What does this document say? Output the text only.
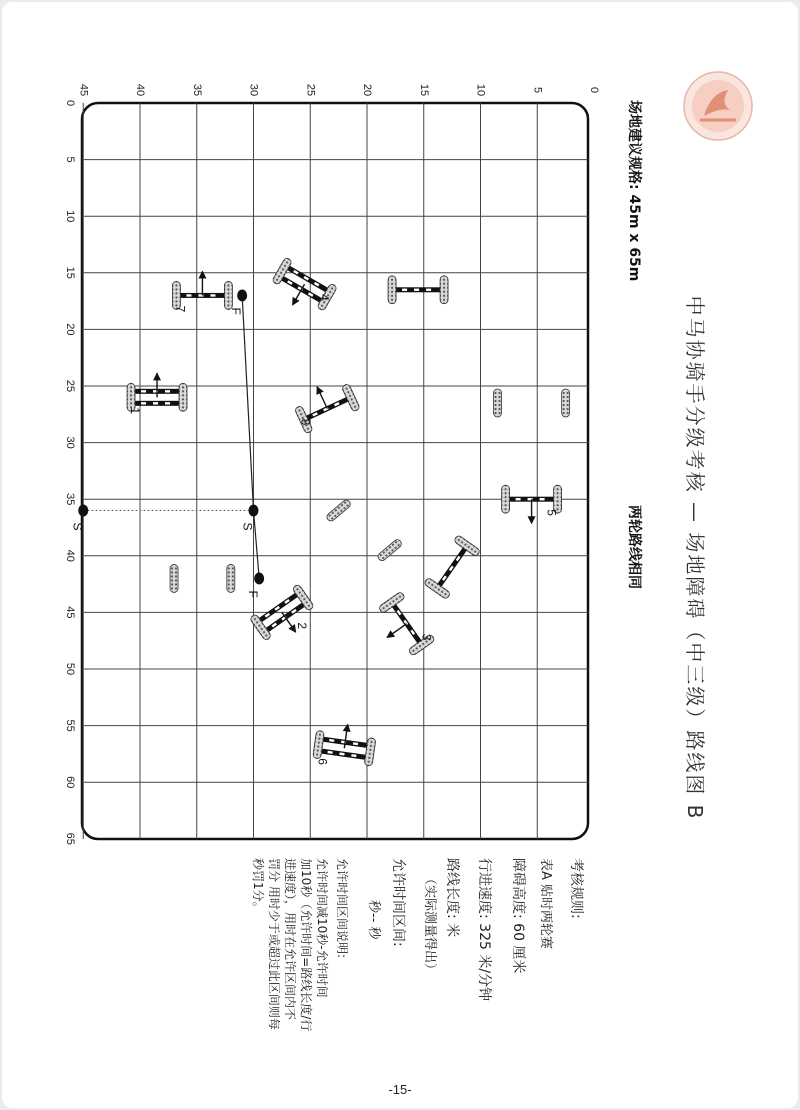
中马协骑手分级考核 — 场地障碍（中三级）路线图 B
两轮路线相同
场地建议规格: 45m x 65m
考核规则:
表A 贴时两轮赛
障碍高度: 60 厘米
行进速度: 325 米/分钟
路线长度: 米
（实际测量得出）
允许时间区间:
秒-- 秒
允许时间区间说明:
允许时间减10秒-允许时间
加10秒（允许时间=路线长度/行
进速度），用时在允许区间内不
罚分 用时少于或超过此区间则每
秒罚1分。
0
5
10
15
20
25
30
35
40
45
0
5
10
15
20
25
30
35
40
45
50
55
60
65
1
2
3
4
5
6
7
8
S
S
F
F
-15-
